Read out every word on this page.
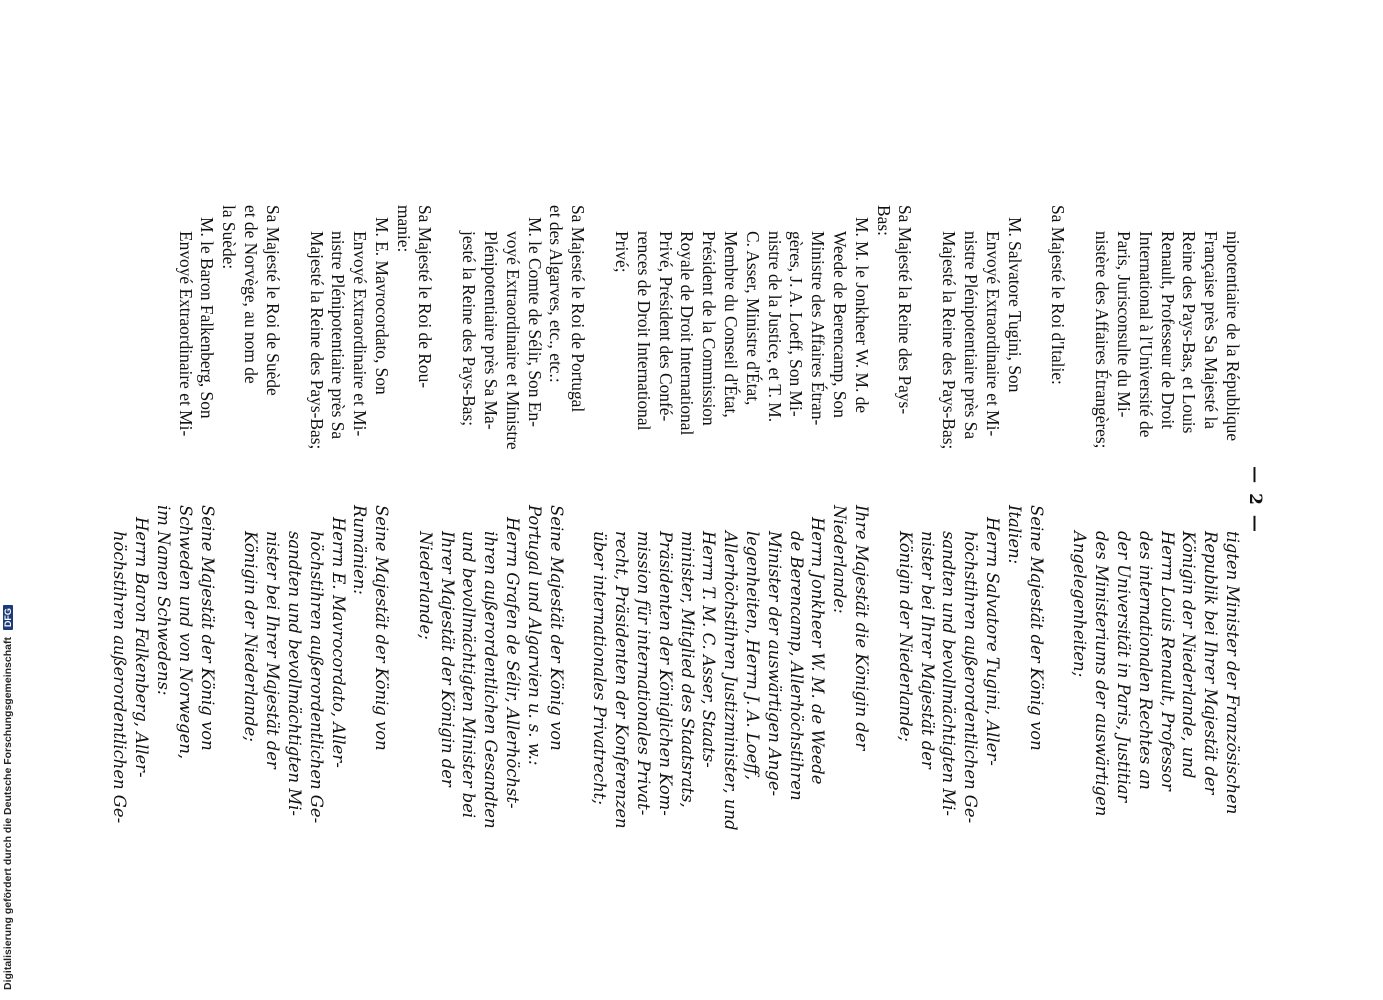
— 2 —
nipotentiaire de la République
Française près Sa Majesté la
Reine des Pays-Bas, et Louis
Renault, Professeur de Droit
International à l'Université de
Paris, Jurisconsulte du Mi-
nistère des Affaires Étrangères;
Sa Majesté le Roi d'Italie:
M. Salvatore Tugini, Son
Envoyé Extraordinaire et Mi-
nistre Plénipotentiaire près Sa
Majesté la Reine des Pays-Bas;
Sa Majesté la Reine des Pays-
Bas:
M. M. le Jonkheer W. M. de
Weede de Berencamp, Son
Ministre des Affaires Étran-
gères, J. A. Loeff, Son Mi-
nistre de la Justice, et T. M.
C. Asser, Ministre d'État,
Membre du Conseil d'État,
Président de la Commission
Royale de Droit International
Privé, Président des Confé-
rences de Droit International
Privé;
Sa Majesté le Roi de Portugal
et des Algarves, etc., etc.:
M. le Comte de Sélir, Son En-
voyé Extraordinaire et Ministre
Plénipotentiaire près Sa Ma-
jesté la Reine des Pays-Bas;
Sa Majesté le Roi de Rou-
manie:
M. E. Mavrocordato, Son
Envoyé Extraordinaire et Mi-
nistre Plénipotentiaire près Sa
Majesté la Reine des Pays-Bas;
Sa Majesté le Roi de Suède
et de Norvège, au nom de
la Suède:
M. le Baron Falkenberg, Son
Envoyé Extraordinaire et Mi-
tigten Minister der Französischen
Republik bei Ihrer Majestät der
Königin der Niederlande, und
Herrn Louis Renault, Professor
des internationalen Rechtes an
der Universität in Paris, Justitiar
des Ministeriums der auswärtigen
Angelegenheiten;
Seine Majestät der König von
Italien:
Herrn Salvatore Tugini, Aller-
höchstihren außerordentlichen Ge-
sandten und bevollmächtigten Mi-
nister bei Ihrer Majestät der
Königin der Niederlande;
Ihre Majestät die Königin der
Niederlande:
Herrn Jonkheer W. M. de Weede
de Berencamp, Allerhöchstihren
Minister der auswärtigen Ange-
legenheiten, Herrn J. A. Loeff,
Allerhöchstihren Justizminister, und
Herrn T. M. C. Asser, Staats-
minister, Mitglied des Staatsrats,
Präsidenten der Königlichen Kom-
mission für internationales Privat-
recht, Präsidenten der Konferenzen
über internationales Privatrecht;
Seine Majestät der König von
Portugal und Algarvien u. s. w.:
Herrn Grafen de Sélir, Allerhöchst-
ihren außerordentlichen Gesandten
und bevollmächtigten Minister bei
Ihrer Majestät der Königin der
Niederlande;
Seine Majestät der König von
Rumänien:
Herrn E. Mavrocordato, Aller-
höchstihren außerordentlichen Ge-
sandten und bevollmächtigten Mi-
nister bei Ihrer Majestät der
Königin der Niederlande;
Seine Majestät der König von
Schweden und von Norwegen,
im Namen Schwedens:
Herrn Baron Falkenberg, Aller-
höchstihren außerordentlichen Ge-
Digitalisierung gefördert durch die Deutsche Forschungsgemeinschaft DFG
